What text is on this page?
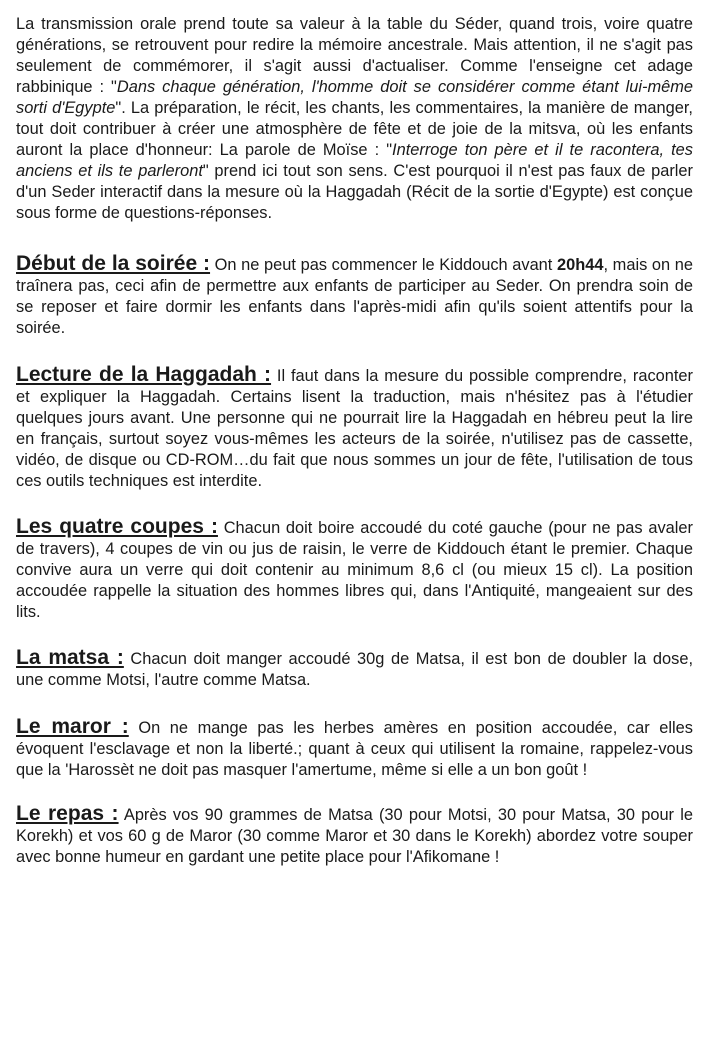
La transmission orale prend toute sa valeur à la table du Séder, quand trois, voire quatre générations, se retrouvent pour redire la mémoire ancestrale. Mais attention, il ne s'agit pas seulement de commémorer, il s'agit aussi d'actualiser. Comme l'enseigne cet adage rabbinique : "Dans chaque génération, l'homme doit se considérer comme étant lui-même sorti d'Egypte". La préparation, le récit, les chants, les commentaires, la manière de manger, tout doit contribuer à créer une atmosphère de fête et de joie de la mitsva, où les enfants auront la place d'honneur: La parole de Moïse : "Interroge ton père et il te racontera, tes anciens et ils te parleront" prend ici tout son sens. C'est pourquoi il n'est pas faux de parler d'un Seder interactif dans la mesure où la Haggadah (Récit de la sortie d'Egypte) est conçue sous forme de questions-réponses.

Début de la soirée : On ne peut pas commencer le Kiddouch avant 20h44, mais on ne traînera pas, ceci afin de permettre aux enfants de participer au Seder. On prendra soin de se reposer et faire dormir les enfants dans l'après-midi afin qu'ils soient attentifs pour la soirée.

Lecture de la Haggadah : Il faut dans la mesure du possible comprendre, raconter et expliquer la Haggadah. Certains lisent la traduction, mais n'hésitez pas à l'étudier quelques jours avant. Une personne qui ne pourrait lire la Haggadah en hébreu peut la lire en français, surtout soyez vous-mêmes les acteurs de la soirée, n'utilisez pas de cassette, vidéo, de disque ou CD-ROM…du fait que nous sommes un jour de fête, l'utilisation de tous ces outils techniques est interdite.

Les quatre coupes : Chacun doit boire accoudé du coté gauche (pour ne pas avaler de travers), 4 coupes de vin ou jus de raisin, le verre de Kiddouch étant le premier. Chaque convive aura un verre qui doit contenir au minimum 8,6 cl (ou mieux 15 cl). La position accoudée rappelle la situation des hommes libres qui, dans l'Antiquité, mangeaient sur des lits.

La matsa : Chacun doit manger accoudé 30g de Matsa, il est bon de doubler la dose, une comme Motsi, l'autre comme Matsa.

Le maror : On ne mange pas les herbes amères en position accoudée, car elles évoquent l'esclavage et non la liberté.; quant à ceux qui utilisent la romaine, rappelez-vous que la 'Harossèt ne doit pas masquer l'amertume, même si elle a un bon goût !

Le repas : Après vos 90 grammes de Matsa (30 pour Motsi, 30 pour Matsa, 30 pour le Korekh) et vos 60 g de Maror (30 comme Maror et 30 dans le Korekh) abordez votre souper avec bonne humeur en gardant une petite place pour l'Afikomane !
